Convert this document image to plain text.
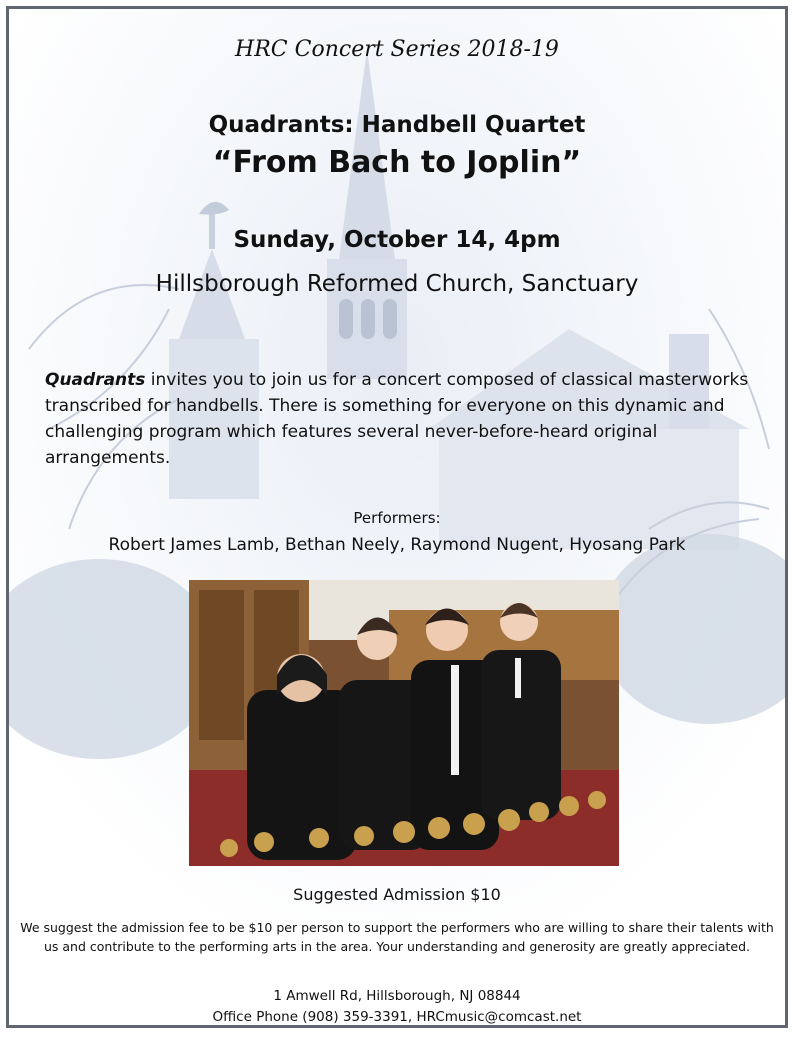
HRC Concert Series 2018-19
Quadrants: Handbell Quartet
“From Bach to Joplin”
Sunday, October 14, 4pm
Hillsborough Reformed Church, Sanctuary
Quadrants invites you to join us for a concert composed of classical masterworks transcribed for handbells. There is something for everyone on this dynamic and challenging program which features several never-before-heard original arrangements.
Performers:
Robert James Lamb, Bethan Neely, Raymond Nugent, Hyosang Park
Suggested Admission $10
We suggest the admission fee to be $10 per person to support the performers who are willing to share their talents with
us and contribute to the performing arts in the area. Your understanding and generosity are greatly appreciated.
1 Amwell Rd, Hillsborough, NJ 08844
Office Phone (908) 359-3391, HRCmusic@comcast.net
